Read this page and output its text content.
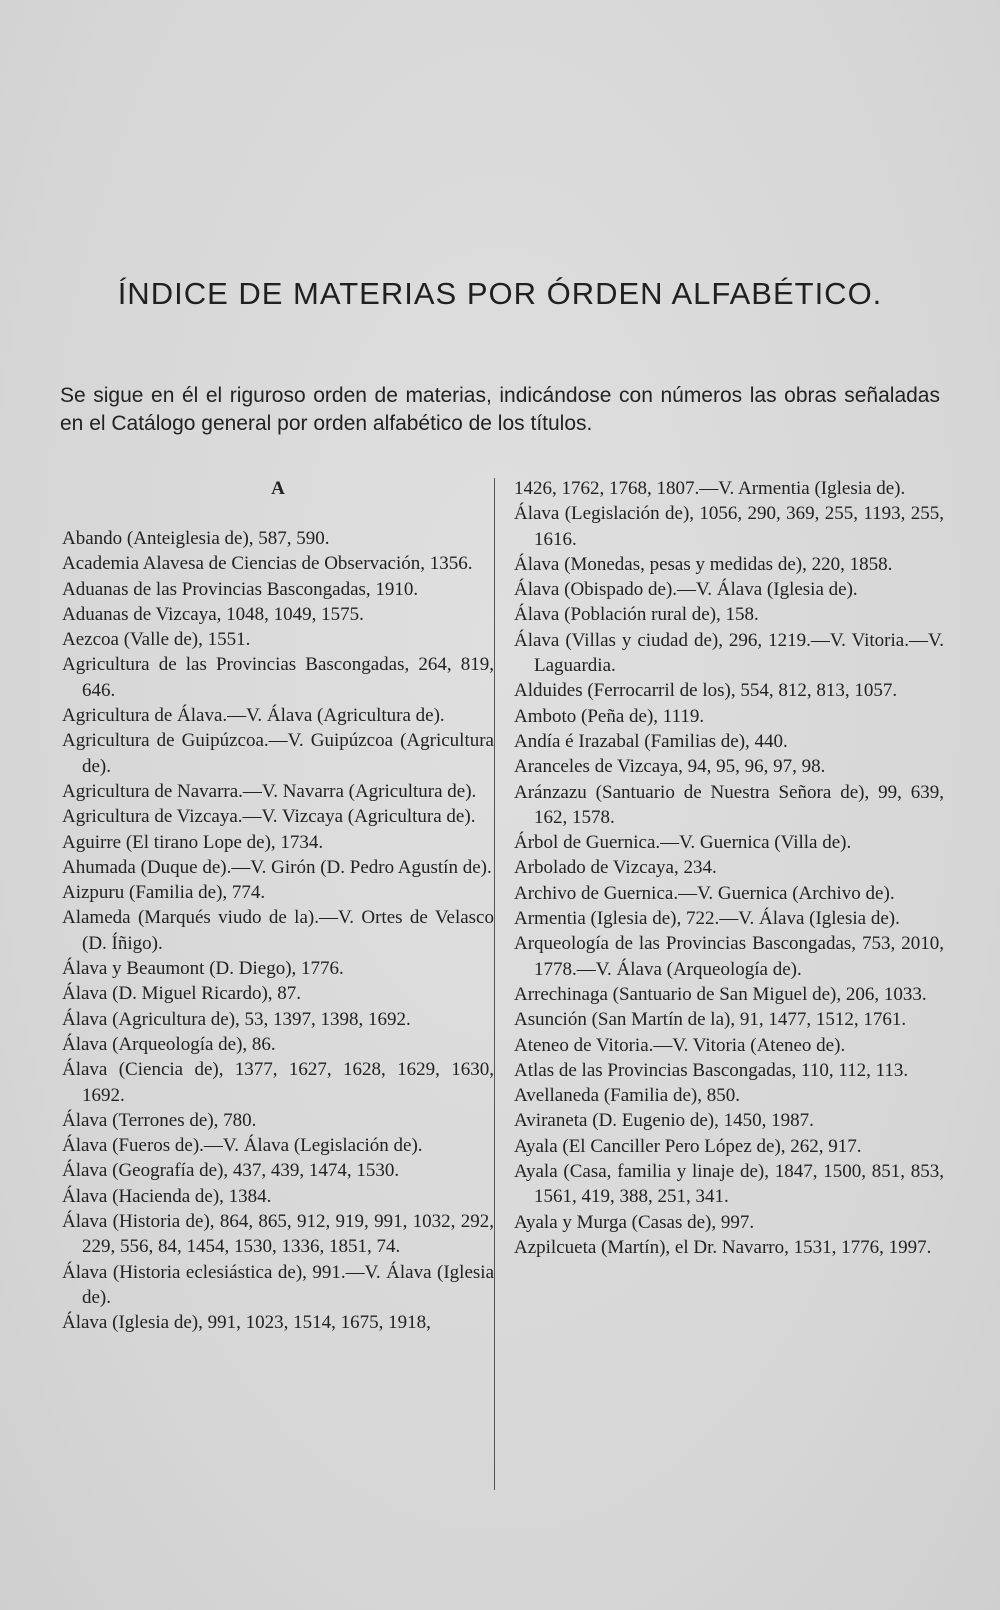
ÍNDICE DE MATERIAS POR ÓRDEN ALFABÉTICO.
Se sigue en él el riguroso orden de materias, indicándose con números las obras señaladas en el Catálogo general por orden alfabético de los títulos.
A
Abando (Anteiglesia de), 587, 590.
Academia Alavesa de Ciencias de Observación, 1356.
Aduanas de las Provincias Bascongadas, 1910.
Aduanas de Vizcaya, 1048, 1049, 1575.
Aezcoa (Valle de), 1551.
Agricultura de las Provincias Bascongadas, 264, 819, 646.
Agricultura de Álava.—V. Álava (Agricultura de).
Agricultura de Guipúzcoa.—V. Guipúzcoa (Agricultura de).
Agricultura de Navarra.—V. Navarra (Agricultura de).
Agricultura de Vizcaya.—V. Vizcaya (Agricultura de).
Aguirre (El tirano Lope de), 1734.
Ahumada (Duque de).—V. Girón (D. Pedro Agustín de).
Aizpuru (Familia de), 774.
Alameda (Marqués viudo de la).—V. Ortes de Velasco (D. Íñigo).
Álava y Beaumont (D. Diego), 1776.
Álava (D. Miguel Ricardo), 87.
Álava (Agricultura de), 53, 1397, 1398, 1692.
Álava (Arqueología de), 86.
Álava (Ciencia de), 1377, 1627, 1628, 1629, 1630, 1692.
Álava (Terrones de), 780.
Álava (Fueros de).—V. Álava (Legislación de).
Álava (Geografía de), 437, 439, 1474, 1530.
Álava (Hacienda de), 1384.
Álava (Historia de), 864, 865, 912, 919, 991, 1032, 292, 229, 556, 84, 1454, 1530, 1336, 1851, 74.
Álava (Historia eclesiástica de), 991.—V. Álava (Iglesia de).
Álava (Iglesia de), 991, 1023, 1514, 1675, 1918,
1426, 1762, 1768, 1807.—V. Armentia (Iglesia de).
Álava (Legislación de), 1056, 290, 369, 255, 1193, 255, 1616.
Álava (Monedas, pesas y medidas de), 220, 1858.
Álava (Obispado de).—V. Álava (Iglesia de).
Álava (Población rural de), 158.
Álava (Villas y ciudad de), 296, 1219.—V. Vitoria.—V. Laguardia.
Alduides (Ferrocarril de los), 554, 812, 813, 1057.
Amboto (Peña de), 1119.
Andía é Irazabal (Familias de), 440.
Aranceles de Vizcaya, 94, 95, 96, 97, 98.
Aránzazu (Santuario de Nuestra Señora de), 99, 639, 162, 1578.
Árbol de Guernica.—V. Guernica (Villa de).
Arbolado de Vizcaya, 234.
Archivo de Guernica.—V. Guernica (Archivo de).
Armentia (Iglesia de), 722.—V. Álava (Iglesia de).
Arqueología de las Provincias Bascongadas, 753, 2010, 1778.—V. Álava (Arqueología de).
Arrechinaga (Santuario de San Miguel de), 206, 1033.
Asunción (San Martín de la), 91, 1477, 1512, 1761.
Ateneo de Vitoria.—V. Vitoria (Ateneo de).
Atlas de las Provincias Bascongadas, 110, 112, 113.
Avellaneda (Familia de), 850.
Aviraneta (D. Eugenio de), 1450, 1987.
Ayala (El Canciller Pero López de), 262, 917.
Ayala (Casa, familia y linaje de), 1847, 1500, 851, 853, 1561, 419, 388, 251, 341.
Ayala y Murga (Casas de), 997.
Azpilcueta (Martín), el Dr. Navarro, 1531, 1776, 1997.
